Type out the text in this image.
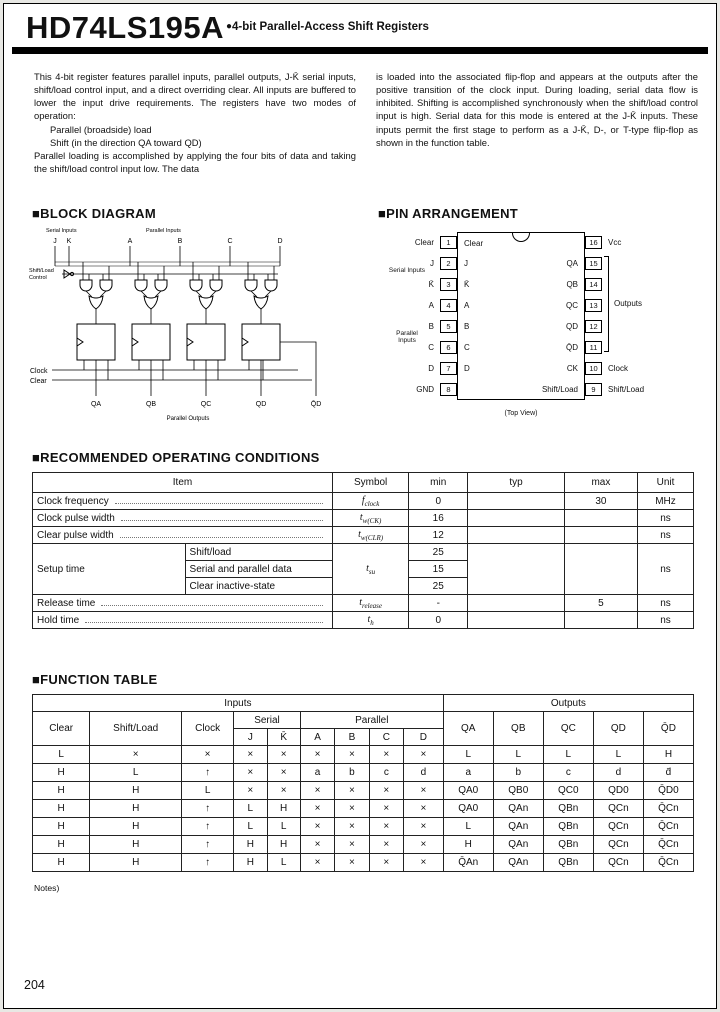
HD74LS195A $^{●4-bit Parallel-Access Shift Registers}$

This 4-bit register features parallel inputs, parallel outputs, J-K̄ serial inputs, shift/load control input, and a direct overriding clear. All inputs are buffered to lower the input drive requirements. The registers have two modes of operation:

Parallel (broadside) load

Shift (in the direction QA toward QD)

Parallel loading is accomplished by applying the four bits of data and taking the shift/load control input low. The data

is loaded into the associated flip-flop and appears at the outputs after the positive transition of the clock input. During loading, serial data flow is inhibited. Shifting is accomplished synchronously when the shift/load control input is high. Serial data for this mode is entered at the J-K̄ inputs. These inputs permit the first stage to perform as a J-K̄, D-, or T-type flip-flop as shown in the function table.

■BLOCK DIAGRAM	■PIN ARRANGEMENT
■RECOMMENDED OPERATING CONDITIONS
■FUNCTION TABLE
Serial Inputs	Parallel Inputs
J K	A	B	C	D
Shift/Load
Control
Clock
Clear
QA	QB	QC	QD	Q̄D
Parallel Outputs
Serial Inputs
Parallel Inputs
Outputs
Clear	1	Clear	16	Vcc
J	2	J	QA	15
K̄	3	K̄	QB	14
A	4	A	QC	13
B	5	B	QD	12
C	6	C	Q̄D	11
D	7	D	CK	10	Clock
GND	8	Shift/Load	9	Shift/Load
(Top View)
Item		Symbol	min	typ	max	Unit

Clock frequency		$f_{clock}$	0		30	MHz

Clock pulse width		$t_{w(CK)}$	16			ns

Clear pulse width		$t_{w(CLR)}$	12			ns
Setup time	Shift/load	$t_{su}$	25			ns
	Serial and parallel data		15			
	Clear inactive-state		25			

Release time		$t_{release}$	-		5	ns

Hold time		$t_h$	0			ns
Inputs									Outputs				
Clear	Shift/Load	Clock	Serial		Parallel				QA	QB	QC	QD	Q̄D
			J	K̄	A	B	C	D					
L	×	×	×	×	×	×	×	×	L	L	L	L	H
H	L	↑	×	×	a	b	c	d	a	b	c	d	d̄
H	H	L	×	×	×	×	×	×	QA0	QB0	QC0	QD0	Q̄D0
H	H	↑	L	H	×	×	×	×	QA0	QAn	QBn	QCn	Q̄Cn
H	H	↑	L	L	×	×	×	×	L	QAn	QBn	QCn	Q̄Cn
H	H	↑	H	H	×	×	×	×	H	QAn	QBn	QCn	Q̄Cn
H	H	↑	H	L	×	×	×	×	Q̄An	QAn	QBn	QCn	Q̄Cn
Notes)
204
